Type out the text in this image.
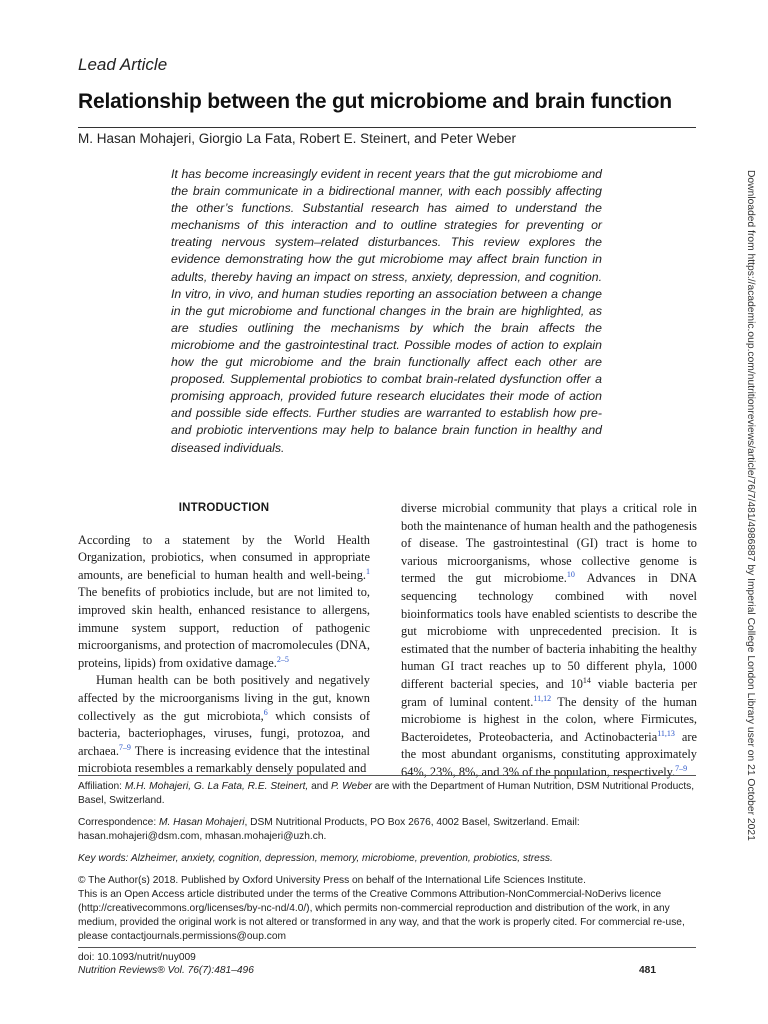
Lead Article
Relationship between the gut microbiome and brain function
M. Hasan Mohajeri, Giorgio La Fata, Robert E. Steinert, and Peter Weber

It has become increasingly evident in recent years that the gut microbiome and the brain communicate in a bidirectional manner, with each possibly affecting the other’s functions. Substantial research has aimed to understand the mechanisms of this interaction and to outline strategies for preventing or treating nervous system–related disturbances. This review explores the evidence demonstrating how the gut microbiome may affect brain function in adults, thereby having an impact on stress, anxiety, depression, and cognition. In vitro, in vivo, and human studies reporting an association between a change in the gut microbiome and functional changes in the brain are highlighted, as are studies outlining the mechanisms by which the brain affects the microbiome and the gastrointestinal tract. Possible modes of action to explain how the gut microbiome and the brain functionally affect each other are proposed. Supplemental probiotics to combat brain-related dysfunction offer a promising approach, provided future research elucidates their mode of action and possible side effects. Further studies are warranted to establish how pre- and probiotic interventions may help to balance brain function in healthy and diseased individuals.	Downloaded from https://academic.oup.com/nutritionreviews/article/76/7/481/4986887 by Imperial College London Library user on 21 October 2021

INTRODUCTION

According to a statement by the World Health Organization, probiotics, when consumed in appropriate amounts, are beneficial to human health and well-being.$^1$ The benefits of probiotics include, but are not limited to, improved skin health, enhanced resistance to allergens, immune system support, reduction of pathogenic microorganisms, and protection of macromolecules (DNA, proteins, lipids) from oxidative damage.$^{2-5}$

Human health can be both positively and negatively affected by the microorganisms living in the gut, known collectively as the gut microbiota,$^6$ which consists of bacteria, bacteriophages, viruses, fungi, protozoa, and archaea.$^{7-9}$ There is increasing evidence that the intestinal microbiota resembles a remarkably densely populated and

diverse microbial community that plays a critical role in both the maintenance of human health and the pathogenesis of disease. The gastrointestinal (GI) tract is home to various microorganisms, whose collective genome is termed the gut microbiome.$^{10}$ Advances in DNA sequencing technology combined with novel bioinformatics tools have enabled scientists to describe the gut microbiome with unprecedented precision. It is estimated that the number of bacteria inhabiting the healthy human GI tract reaches up to 50 different phyla, 1000 different bacterial species, and $10^{14}$ viable bacteria per gram of luminal content.$^{11,12}$ The density of the human microbiome is highest in the colon, where Firmicutes, Bacteroidetes, Proteobacteria, and Actinobacteria$^{11,13}$ are the most abundant organisms, constituting approximately 64%, 23%, 8%, and 3% of the population, respectively.$^{7-9}$

Affiliation: M.H. Mohajeri, G. La Fata, R.E. Steinert, and P. Weber are with the Department of Human Nutrition, DSM Nutritional Products, Basel, Switzerland.

Correspondence: M. Hasan Mohajeri, DSM Nutritional Products, PO Box 2676, 4002 Basel, Switzerland. Email: hasan.mohajeri@dsm.com, mhasan.mohajeri@uzh.ch.

Key words: Alzheimer, anxiety, cognition, depression, memory, microbiome, prevention, probiotics, stress.

© The Author(s) 2018. Published by Oxford University Press on behalf of the International Life Sciences Institute.

This is an Open Access article distributed under the terms of the Creative Commons Attribution-NonCommercial-NoDerivs licence (http://creativecommons.org/licenses/by-nc-nd/4.0/), which permits non-commercial reproduction and distribution of the work, in any medium, provided the original work is not altered or transformed in any way, and that the work is properly cited. For commercial re-use, please contactjournals.permissions@oup.com

doi: 10.1093/nutrit/nuy009
Nutrition Reviews® Vol. 76(7):481–496	481
